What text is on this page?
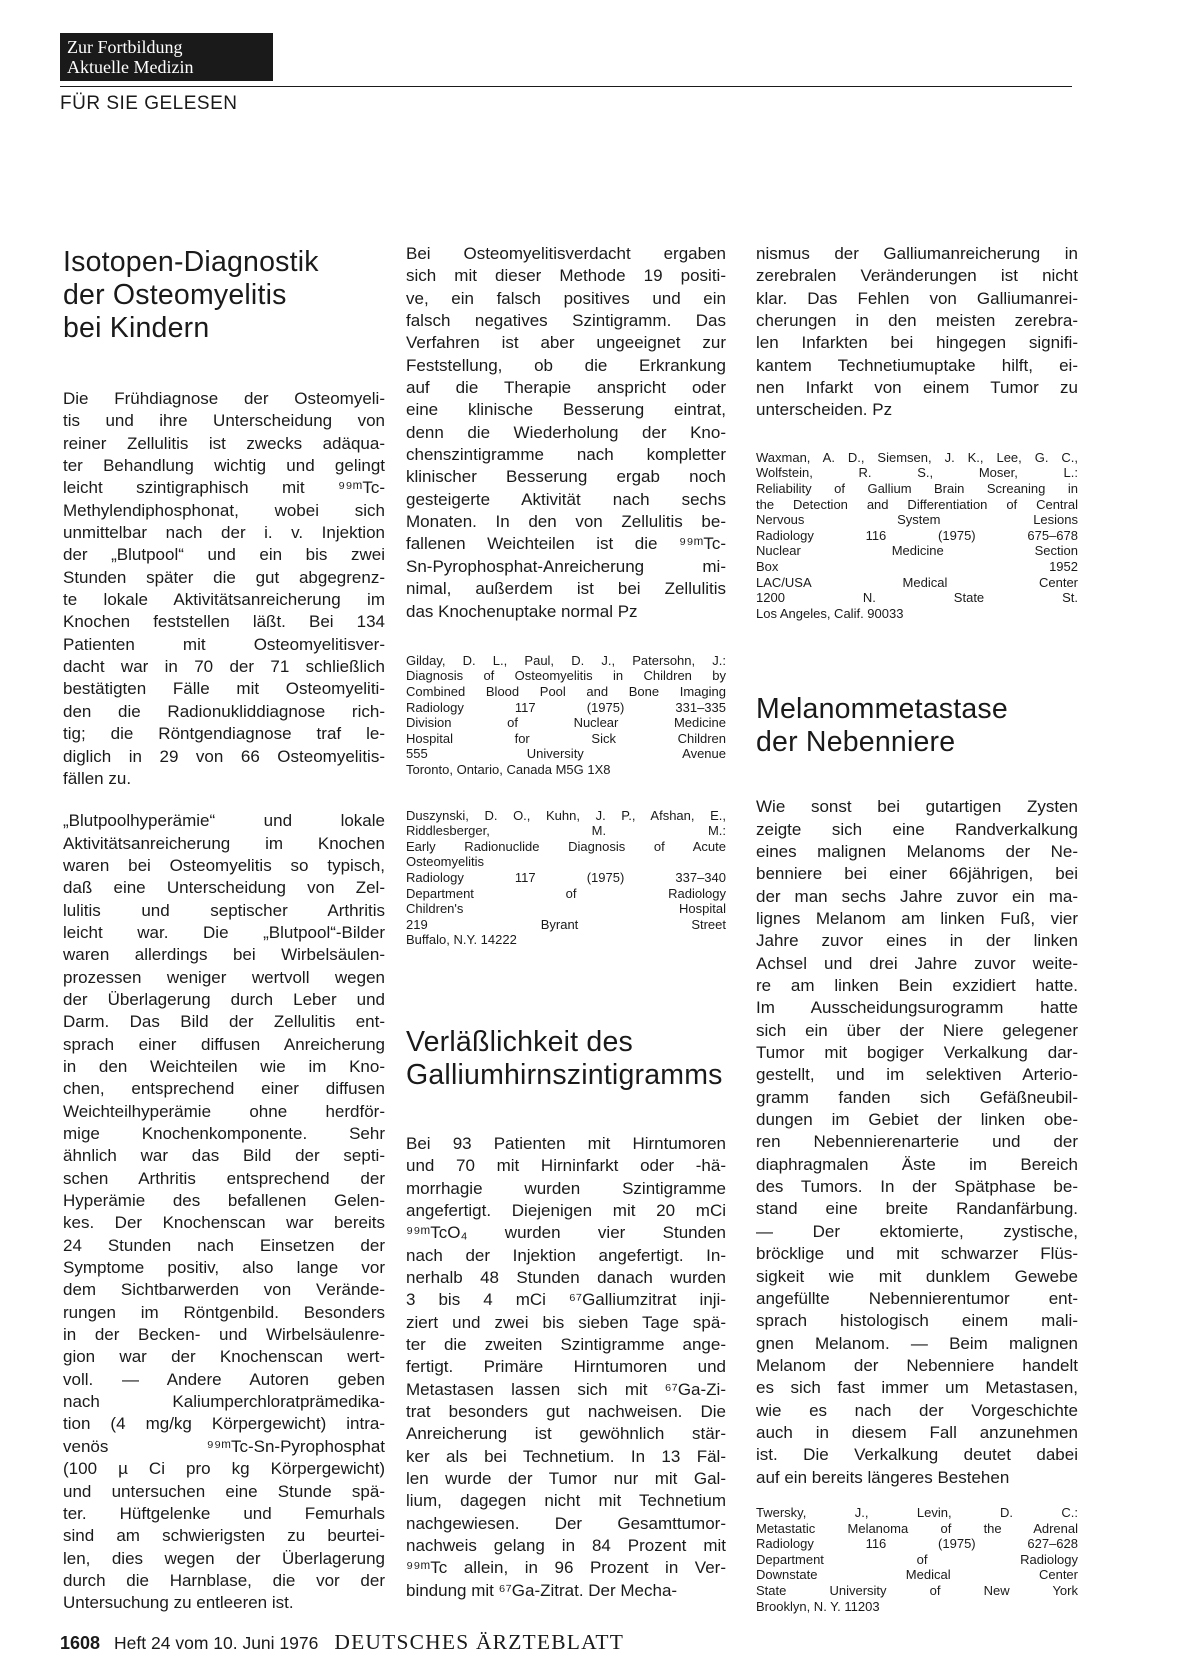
Zur Fortbildung
Aktuelle Medizin
FÜR SIE GELESEN
Isotopen-Diagnostik
der Osteomyelitis
bei Kindern
Die Frühdiagnose der Osteomyeli-
tis und ihre Unterscheidung von
reiner Zellulitis ist zwecks adäqua-
ter Behandlung wichtig und gelingt
leicht szintigraphisch mit ⁹⁹ᵐTc-
Methylendiphosphonat, wobei sich
unmittelbar nach der i. v. Injektion
der „Blutpool“ und ein bis zwei
Stunden später die gut abgegrenz-
te lokale Aktivitätsanreicherung im
Knochen feststellen läßt. Bei 134
Patienten mit Osteomyelitisver-
dacht war in 70 der 71 schließlich
bestätigten Fälle mit Osteomyeliti-
den die Radionukliddiagnose rich-
tig; die Röntgendiagnose traf le-
diglich in 29 von 66 Osteomyelitis-
fällen zu.
„Blutpoolhyperämie“ und lokale
Aktivitätsanreicherung im Knochen
waren bei Osteomyelitis so typisch,
daß eine Unterscheidung von Zel-
lulitis und septischer Arthritis
leicht war. Die „Blutpool“-Bilder
waren allerdings bei Wirbelsäulen-
prozessen weniger wertvoll wegen
der Überlagerung durch Leber und
Darm. Das Bild der Zellulitis ent-
sprach einer diffusen Anreicherung
in den Weichteilen wie im Kno-
chen, entsprechend einer diffusen
Weichteilhyperämie ohne herdför-
mige Knochenkomponente. Sehr
ähnlich war das Bild der septi-
schen Arthritis entsprechend der
Hyperämie des befallenen Gelen-
kes. Der Knochenscan war bereits
24 Stunden nach Einsetzen der
Symptome positiv, also lange vor
dem Sichtbarwerden von Verände-
rungen im Röntgenbild. Besonders
in der Becken- und Wirbelsäulenre-
gion war der Knochenscan wert-
voll. — Andere Autoren geben
nach Kaliumperchloratprämedika-
tion (4 mg/kg Körpergewicht) intra-
venös ⁹⁹ᵐTc-Sn-Pyrophosphat
(100 µ Ci pro kg Körpergewicht)
und untersuchen eine Stunde spä-
ter. Hüftgelenke und Femurhals
sind am schwierigsten zu beurtei-
len, dies wegen der Überlagerung
durch die Harnblase, die vor der
Untersuchung zu entleeren ist.
Bei Osteomyelitisverdacht ergaben
sich mit dieser Methode 19 positi-
ve, ein falsch positives und ein
falsch negatives Szintigramm. Das
Verfahren ist aber ungeeignet zur
Feststellung, ob die Erkrankung
auf die Therapie anspricht oder
eine klinische Besserung eintrat,
denn die Wiederholung der Kno-
chenszintigramme nach kompletter
klinischer Besserung ergab noch
gesteigerte Aktivität nach sechs
Monaten. In den von Zellulitis be-
fallenen Weichteilen ist die ⁹⁹ᵐTc-
Sn-Pyrophosphat-Anreicherung mi-
nimal, außerdem ist bei Zellulitis
das Knochenuptake normal Pz
Gilday, D. L., Paul, D. J., Patersohn, J.:
Diagnosis of Osteomyelitis in Children by
Combined Blood Pool and Bone Imaging
Radiology 117 (1975) 331–335
Division of Nuclear Medicine
Hospital for Sick Children
555 University Avenue
Toronto, Ontario, Canada M5G 1X8
Duszynski, D. O., Kuhn, J. P., Afshan, E.,
Riddlesberger, M. M.:
Early Radionuclide Diagnosis of Acute
Osteomyelitis
Radiology 117 (1975) 337–340
Department of Radiology
Children's Hospital
219 Byrant Street
Buffalo, N.Y. 14222
Verläßlichkeit des
Galliumhirnszintigramms
Bei 93 Patienten mit Hirntumoren
und 70 mit Hirninfarkt oder -hä-
morrhagie wurden Szintigramme
angefertigt. Diejenigen mit 20 mCi
⁹⁹ᵐTcO₄ wurden vier Stunden
nach der Injektion angefertigt. In-
nerhalb 48 Stunden danach wurden
3 bis 4 mCi ⁶⁷Galliumzitrat inji-
ziert und zwei bis sieben Tage spä-
ter die zweiten Szintigramme ange-
fertigt. Primäre Hirntumoren und
Metastasen lassen sich mit ⁶⁷Ga-Zi-
trat besonders gut nachweisen. Die
Anreicherung ist gewöhnlich stär-
ker als bei Technetium. In 13 Fäl-
len wurde der Tumor nur mit Gal-
lium, dagegen nicht mit Technetium
nachgewiesen. Der Gesamttumor-
nachweis gelang in 84 Prozent mit
⁹⁹ᵐTc allein, in 96 Prozent in Ver-
bindung mit ⁶⁷Ga-Zitrat. Der Mecha-
nismus der Galliumanreicherung in
zerebralen Veränderungen ist nicht
klar. Das Fehlen von Galliumanrei-
cherungen in den meisten zerebra-
len Infarkten bei hingegen signifi-
kantem Technetiumuptake hilft, ei-
nen Infarkt von einem Tumor zu
unterscheiden. Pz
Waxman, A. D., Siemsen, J. K., Lee, G. C.,
Wolfstein, R. S., Moser, L.:
Reliability of Gallium Brain Screaning in
the Detection and Differentiation of Central
Nervous System Lesions
Radiology 116 (1975) 675–678
Nuclear Medicine Section
Box 1952
LAC/USA Medical Center
1200 N. State St.
Los Angeles, Calif. 90033
Melanommetastase
der Nebenniere
Wie sonst bei gutartigen Zysten
zeigte sich eine Randverkalkung
eines malignen Melanoms der Ne-
benniere bei einer 66jährigen, bei
der man sechs Jahre zuvor ein ma-
lignes Melanom am linken Fuß, vier
Jahre zuvor eines in der linken
Achsel und drei Jahre zuvor weite-
re am linken Bein exzidiert hatte.
Im Ausscheidungsurogramm hatte
sich ein über der Niere gelegener
Tumor mit bogiger Verkalkung dar-
gestellt, und im selektiven Arterio-
gramm fanden sich Gefäßneubil-
dungen im Gebiet der linken obe-
ren Nebennierenarterie und der
diaphragmalen Äste im Bereich
des Tumors. In der Spätphase be-
stand eine breite Randanfärbung.
— Der ektomierte, zystische,
bröcklige und mit schwarzer Flüs-
sigkeit wie mit dunklem Gewebe
angefüllte Nebennierentumor ent-
sprach histologisch einem mali-
gnen Melanom. — Beim malignen
Melanom der Nebenniere handelt
es sich fast immer um Metastasen,
wie es nach der Vorgeschichte
auch in diesem Fall anzunehmen
ist. Die Verkalkung deutet dabei
auf ein bereits längeres Bestehen
Twersky, J., Levin, D. C.:
Metastatic Melanoma of the Adrenal
Radiology 116 (1975) 627–628
Department of Radiology
Downstate Medical Center
State University of New York
Brooklyn, N. Y. 11203
1608 Heft 24 vom 10. Juni 1976 DEUTSCHES ÄRZTEBLATT
